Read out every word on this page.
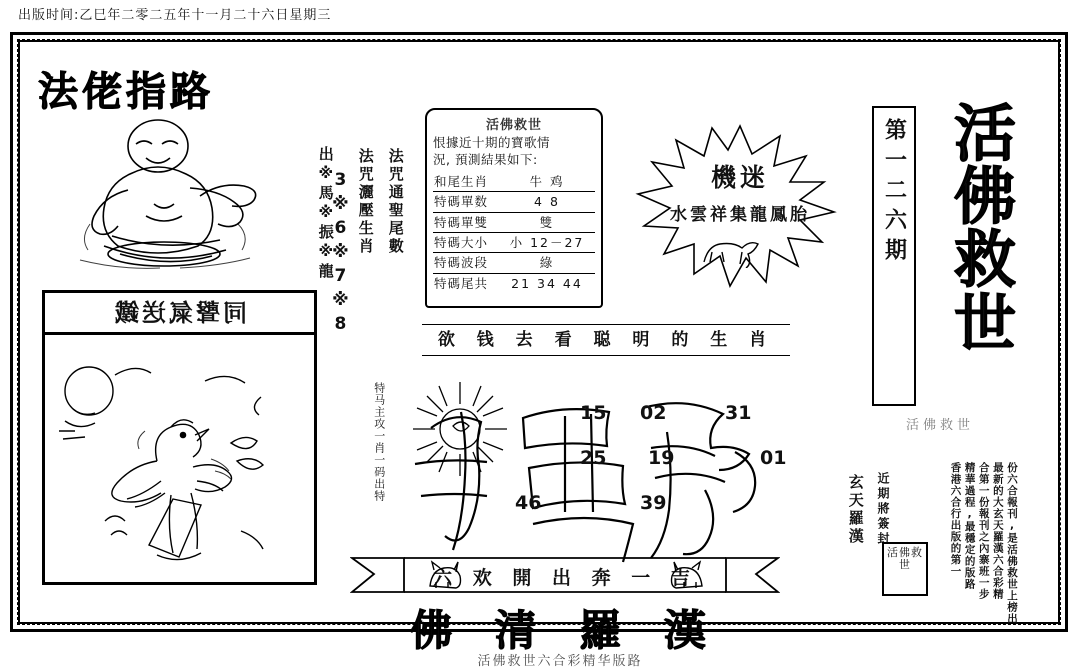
出版时间:乙巳年二零二五年十一月二十六日星期三
法佬指路
出※馬※振※龍 法咒灑壓生肖 法咒通聖尾數
3※6※7※8
同聲氣送鐵
活佛救世
恨據近十期的寶歌情
況, 預測結果如下:
和尾生肖	牛 鸡
特碼單数	4 8
特碼單雙	雙
特碼大小	小 12－27
特碼波段	綠
特碼尾共	21 34 44
機迷
水雲祥集龍鳳胎	第一二六期 活
佛
救
世
活佛救世
份六合報刊,是活佛救世上榜出
最新的大玄天羅漢六合彩精
合第一份報刊之內寨班一步
精華過程,最穩定的版路
香港六合行出版的第一
近期將簽封
玄天羅漢
活佛救世
欲 钱 去 看 聪 明 的 生 肖
特马主攻一肖一码出特	15 02	31
25 19	01
46	39
六 欢 開 出 奔 一 吉
佛 清 羅 漢
活佛救世六合彩精华版路
